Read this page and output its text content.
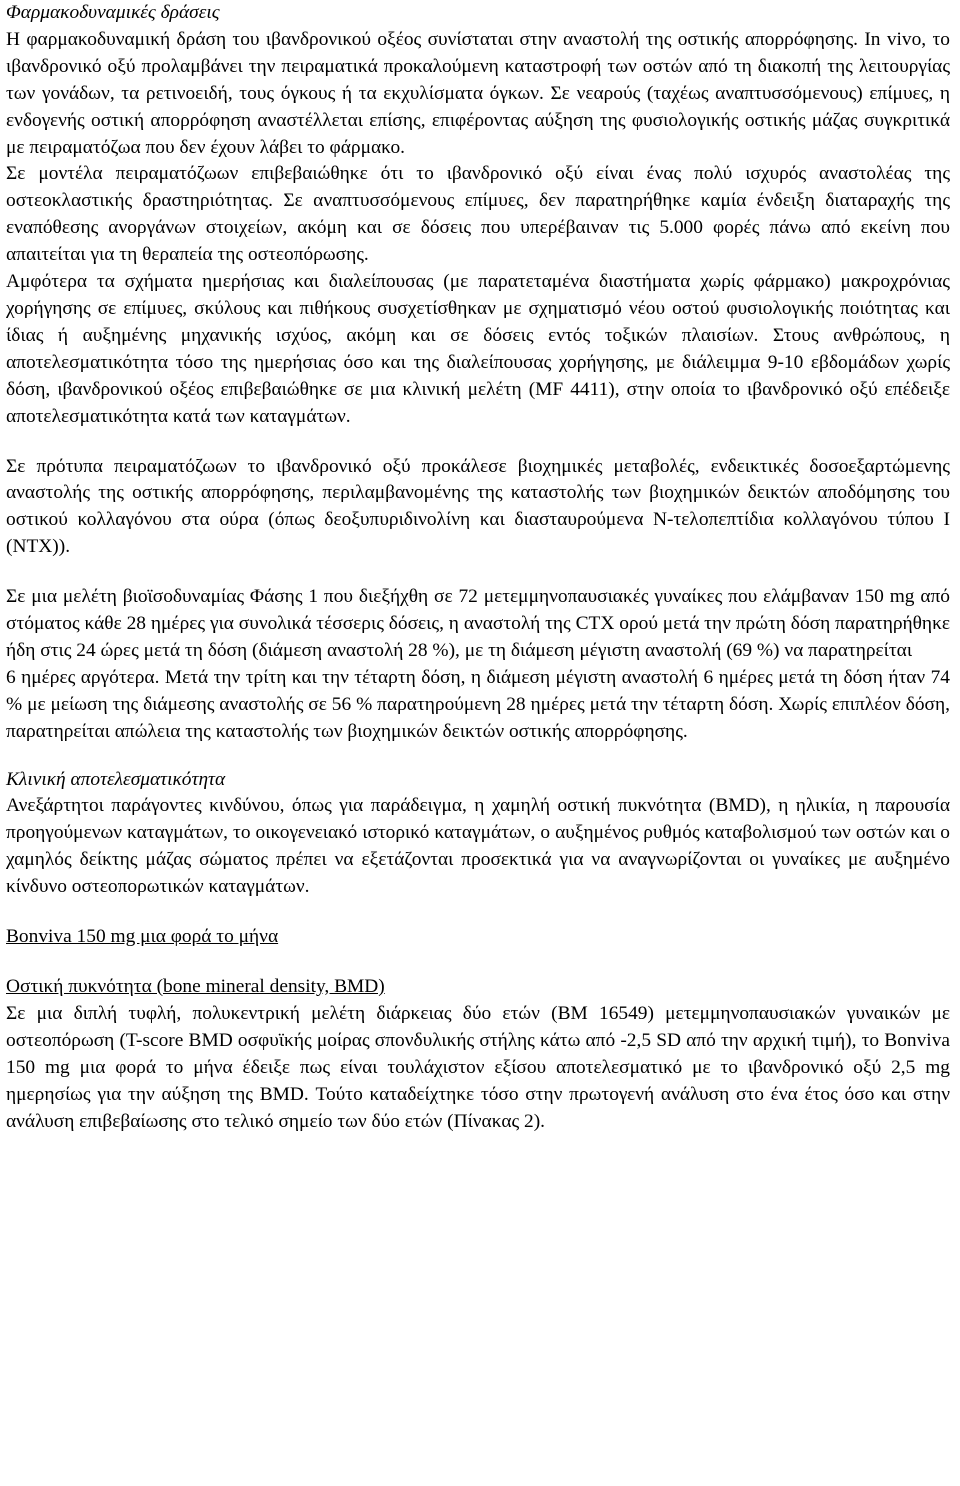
Φαρμακοδυναμικές δράσεις

Η φαρμακοδυναμική δράση του ιβανδρονικού οξέος συνίσταται στην αναστολή της οστικής απορρόφησης. In vivo, το ιβανδρονικό οξύ προλαμβάνει την πειραματικά προκαλούμενη καταστροφή των οστών από τη διακοπή της λειτουργίας των γονάδων, τα ρετινοειδή, τους όγκους ή τα εκχυλίσματα όγκων. Σε νεαρούς (ταχέως αναπτυσσόμενους) επίμυες, η ενδογενής οστική απορρόφηση αναστέλλεται επίσης, επιφέροντας αύξηση της φυσιολογικής οστικής μάζας συγκριτικά με πειραματόζωα που δεν έχουν λάβει το φάρμακο.

Σε μοντέλα πειραματόζωων επιβεβαιώθηκε ότι το ιβανδρονικό οξύ είναι ένας πολύ ισχυρός αναστολέας της οστεοκλαστικής δραστηριότητας. Σε αναπτυσσόμενους επίμυες, δεν παρατηρήθηκε καμία ένδειξη διαταραχής της εναπόθεσης ανοργάνων στοιχείων, ακόμη και σε δόσεις που υπερέβαιναν τις 5.000 φορές πάνω από εκείνη που απαιτείται για τη θεραπεία της οστεοπόρωσης.

Αμφότερα τα σχήματα ημερήσιας και διαλείπουσας (με παρατεταμένα διαστήματα χωρίς φάρμακο) μακροχρόνιας χορήγησης σε επίμυες, σκύλους και πιθήκους συσχετίσθηκαν με σχηματισμό νέου οστού φυσιολογικής ποιότητας και ίδιας ή αυξημένης μηχανικής ισχύος, ακόμη και σε δόσεις εντός τοξικών πλαισίων. Στους ανθρώπους, η αποτελεσματικότητα τόσο της ημερήσιας όσο και της διαλείπουσας χορήγησης, με διάλειμμα 9-10 εβδομάδων χωρίς δόση, ιβανδρονικού οξέος επιβεβαιώθηκε σε μια κλινική μελέτη (MF 4411), στην οποία το ιβανδρονικό οξύ επέδειξε αποτελεσματικότητα κατά των καταγμάτων.

Σε πρότυπα πειραματόζωων το ιβανδρονικό οξύ προκάλεσε βιοχημικές μεταβολές, ενδεικτικές δοσοεξαρτώμενης αναστολής της οστικής απορρόφησης, περιλαμβανομένης της καταστολής των βιοχημικών δεικτών αποδόμησης του οστικού κολλαγόνου στα ούρα (όπως δεοξυπυριδινολίνη και διασταυρούμενα Ν-τελοπεπτίδια κολλαγόνου τύπου Ι (NTX)).

Σε μια μελέτη βιοϊσοδυναμίας Φάσης 1 που διεξήχθη σε 72 μετεμμηνοπαυσιακές γυναίκες που ελάμβαναν 150 mg από στόματος κάθε 28 ημέρες για συνολικά τέσσερις δόσεις, η αναστολή της CTX ορού μετά την πρώτη δόση παρατηρήθηκε ήδη στις 24 ώρες μετά τη δόση (διάμεση αναστολή 28 %), με τη διάμεση μέγιστη αναστολή (69 %) να παρατηρείται

6 ημέρες αργότερα. Μετά την τρίτη και την τέταρτη δόση, η διάμεση μέγιστη αναστολή 6 ημέρες μετά τη δόση ήταν 74 % με μείωση της διάμεσης αναστολής σε 56 % παρατηρούμενη 28 ημέρες μετά την τέταρτη δόση. Χωρίς επιπλέον δόση, παρατηρείται απώλεια της καταστολής των βιοχημικών δεικτών οστικής απορρόφησης.

Κλινική αποτελεσματικότητα

Ανεξάρτητοι παράγοντες κινδύνου, όπως για παράδειγμα, η χαμηλή οστική πυκνότητα (BMD), η ηλικία, η παρουσία προηγούμενων καταγμάτων, το οικογενειακό ιστορικό καταγμάτων, ο αυξημένος ρυθμός καταβολισμού των οστών και ο χαμηλός δείκτης μάζας σώματος πρέπει να εξετάζονται προσεκτικά για να αναγνωρίζονται οι γυναίκες με αυξημένο κίνδυνο οστεοπορωτικών καταγμάτων.

Bonviva 150 mg μια φορά το μήνα

Οστική πυκνότητα (bone mineral density, BMD)

Σε μια διπλή τυφλή, πολυκεντρική μελέτη διάρκειας δύο ετών (BM 16549) μετεμμηνοπαυσιακών γυναικών με οστεοπόρωση (T-score BMD οσφυϊκής μοίρας σπονδυλικής στήλης κάτω από -2,5 SD από την αρχική τιμή), το Bonviva 150 mg μια φορά το μήνα έδειξε πως είναι τουλάχιστον εξίσου αποτελεσματικό με το ιβανδρονικό οξύ 2,5 mg ημερησίως για την αύξηση της BMD. Τούτο καταδείχτηκε τόσο στην πρωτογενή ανάλυση στο ένα έτος όσο και στην ανάλυση επιβεβαίωσης στο τελικό σημείο των δύο ετών (Πίνακας 2).
